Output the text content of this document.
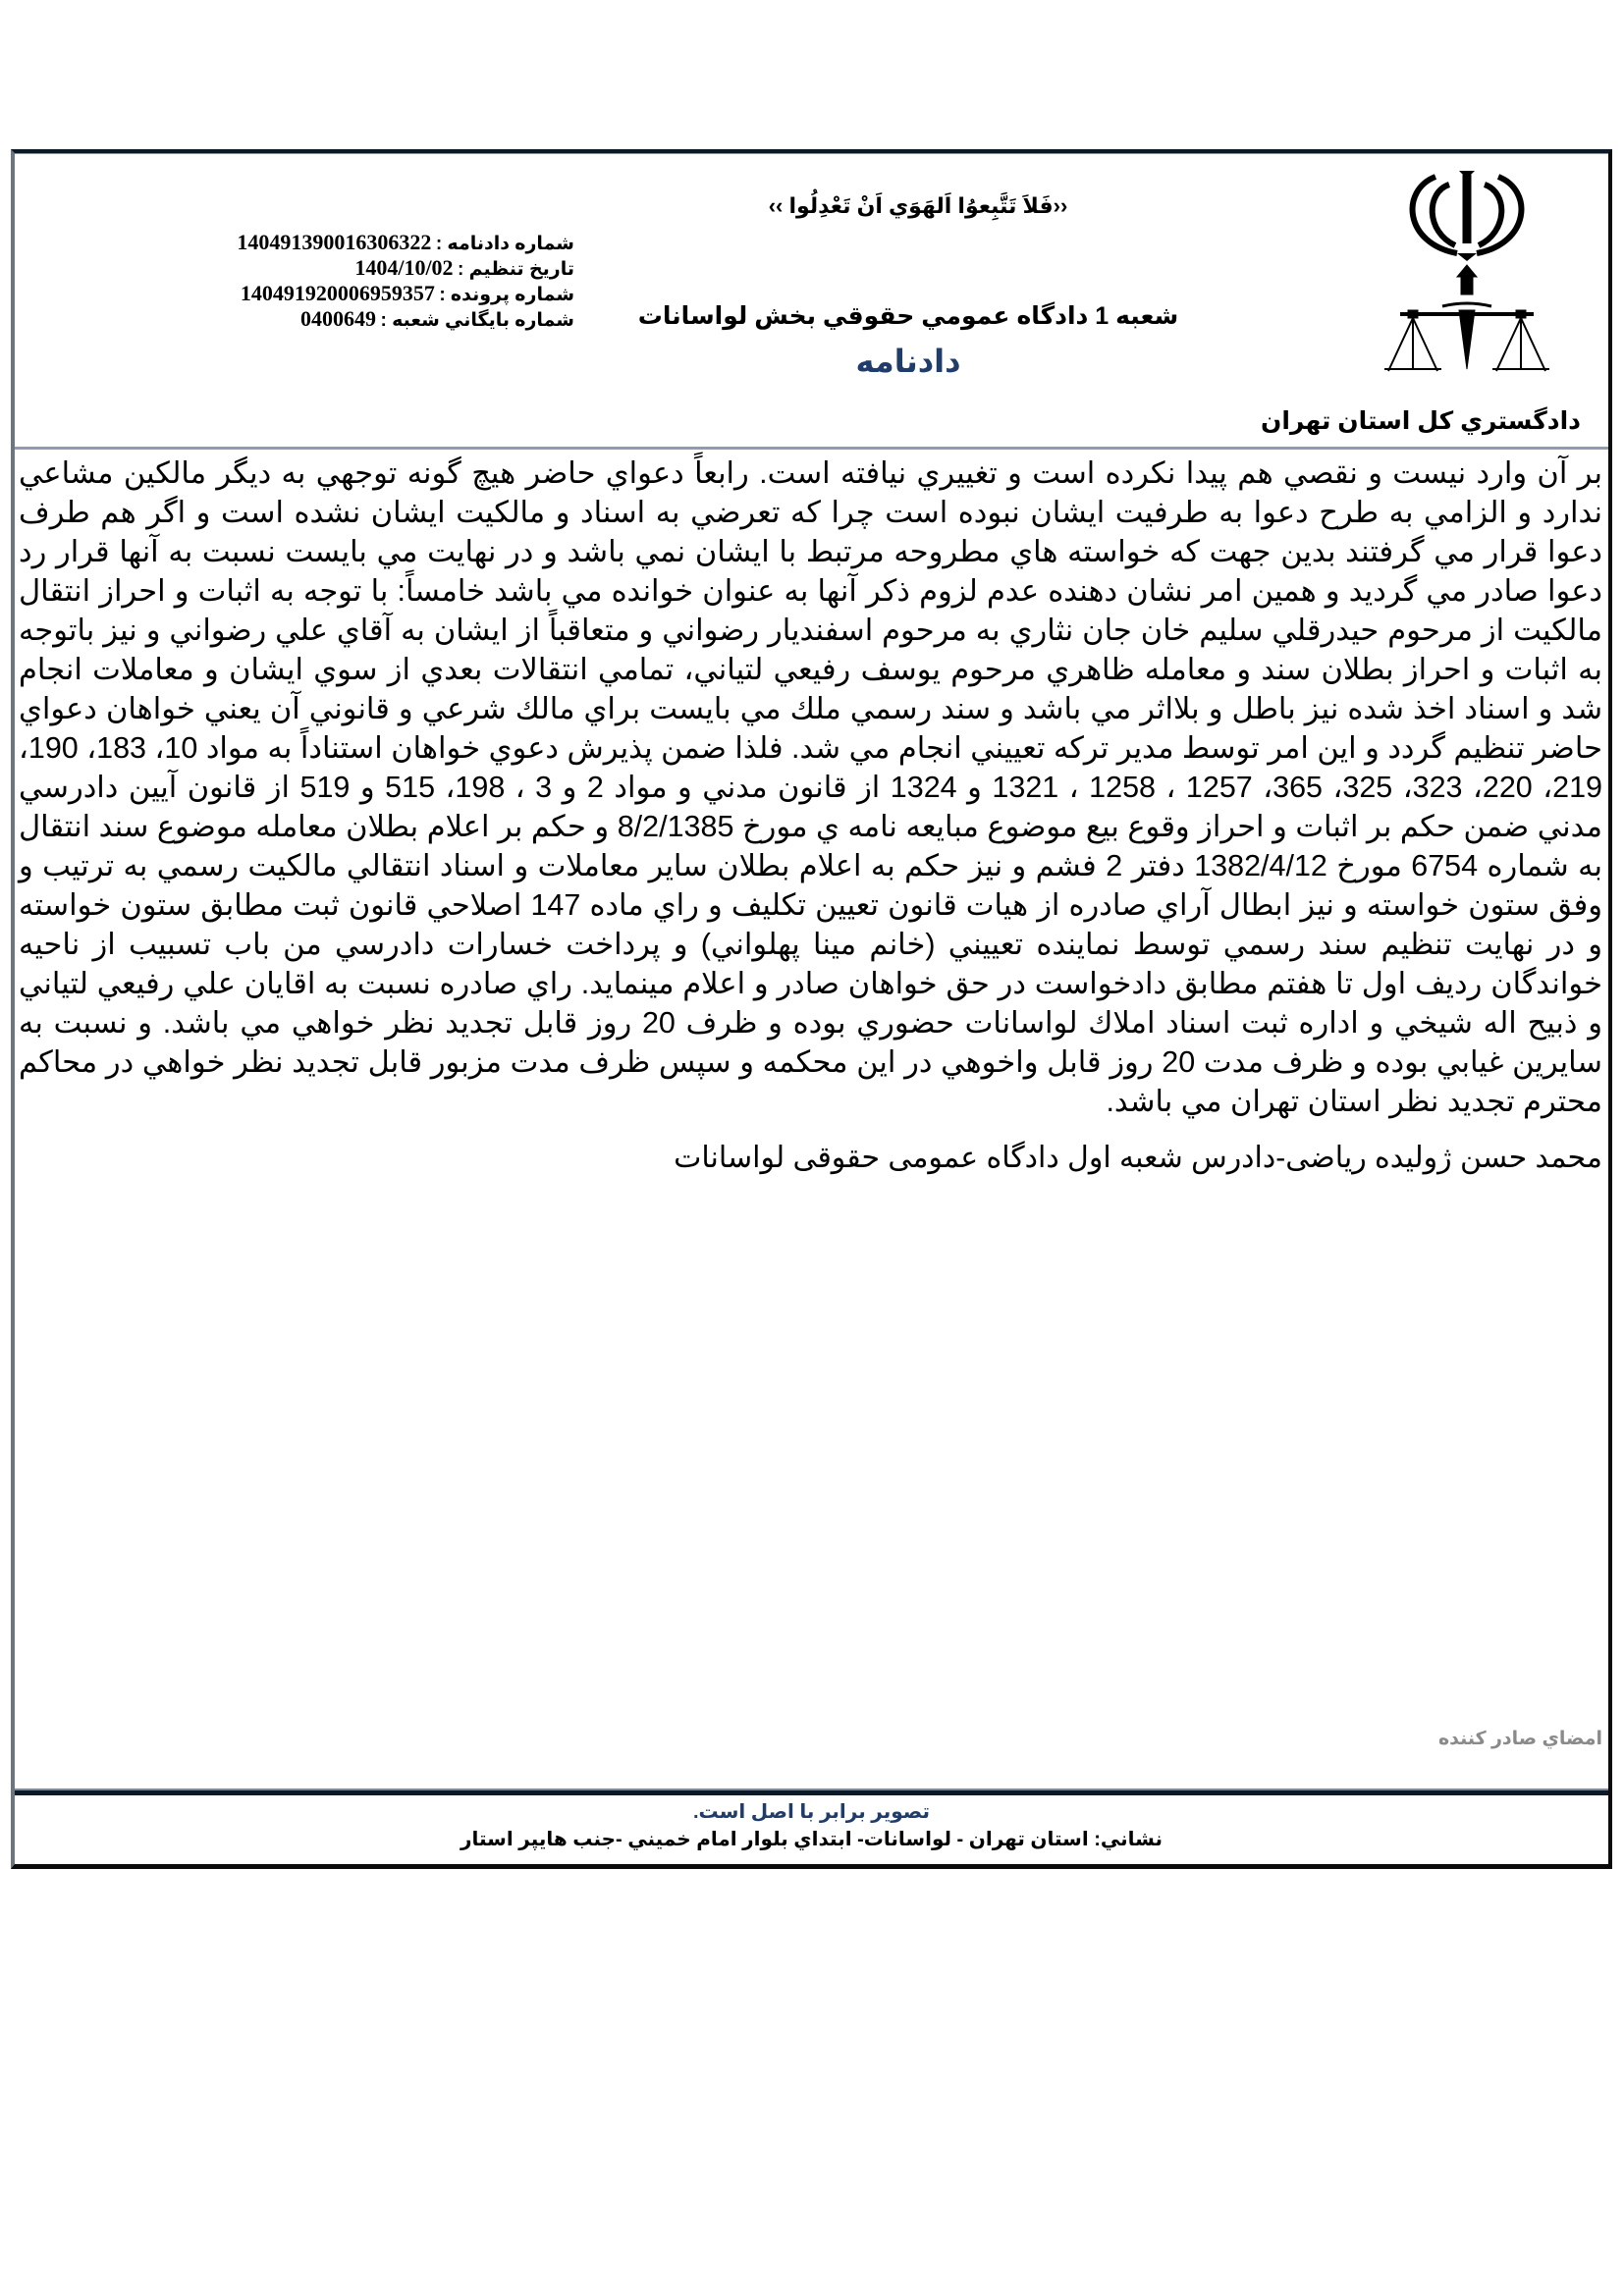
دادگستري كل استان تهران
‹‹فَلاَ تَتَّبِعوُا اَلهَوَي اَنْ تَعْدِلُوا ››
شعبه 1 دادگاه عمومي حقوقي بخش لواسانات
دادنامه
شماره دادنامه : 140491390016306322
تاريخ تنظيم : 1404/10/02
شماره پرونده : 140491920006959357
شماره بايگاني شعبه : 0400649

بر آن وارد نيست و نقصي هم پيدا نكرده است و تغييري نيافته است. رابعاً دعواي حاضر هيچ گونه توجهي به ديگر مالكين مشاعي ندارد و الزامي به طرح دعوا به طرفيت ايشان نبوده است چرا كه تعرضي به اسناد و مالكيت ايشان نشده است و اگر هم طرف دعوا قرار مي گرفتند بدين جهت كه خواسته هاي مطروحه مرتبط با ايشان نمي باشد و در نهايت مي بايست نسبت به آنها قرار رد دعوا صادر مي گرديد و همين امر نشان دهنده عدم لزوم ذكر آنها به عنوان خوانده مي باشد خامساً: با توجه به اثبات و احراز انتقال مالكيت از مرحوم حيدرقلي سليم خان جان نثاري به مرحوم اسفنديار رضواني و متعاقباً از ايشان به آقاي علي رضواني و نيز باتوجه به اثبات و احراز بطلان سند و معامله ظاهري مرحوم يوسف رفيعي لتياني، تمامي انتقالات بعدي از سوي ايشان و معاملات انجام شد و اسناد اخذ شده نيز باطل و بلااثر مي باشد و سند رسمي ملك مي بايست براي مالك شرعي و قانوني آن يعني خواهان دعواي حاضر تنظيم گردد و اين امر توسط مدير تركه تعييني انجام مي شد. فلذا ضمن پذيرش دعوي خواهان استناداً به مواد 10، 183، 190، 219، 220، 323، 325، 365، 1257 ، 1258 ، 1321 و 1324 از قانون مدني و مواد 2 و 3 ، 198، 515 و 519 از قانون آيين دادرسي مدني ضمن حكم بر اثبات و احراز وقوع بيع موضوع مبايعه نامه ي مورخ 8/2/1385 و حكم بر اعلام بطلان معامله موضوع سند انتقال به شماره 6754 مورخ 1382/4/12 دفتر 2 فشم و نيز حكم به اعلام بطلان ساير معاملات و اسناد انتقالي مالكيت رسمي به ترتيب و وفق ستون خواسته و نيز ابطال آراي صادره از هيات قانون تعيين تكليف و راي ماده 147 اصلاحي قانون ثبت مطابق ستون خواسته و در نهايت تنظيم سند رسمي توسط نماينده تعييني (خانم مينا پهلواني) و پرداخت خسارات دادرسي من باب تسبيب از ناحيه خواندگان رديف اول تا هفتم مطابق دادخواست در حق خواهان صادر و اعلام مينمايد. راي صادره نسبت به اقايان علي رفيعي لتياني و ذبيح اله شيخي و اداره ثبت اسناد املاك لواسانات حضوري بوده و ظرف 20 روز قابل تجديد نظر خواهي مي باشد. و نسبت به سايرين غيابي بوده و ظرف مدت 20 روز قابل واخوهي در اين محكمه و سپس ظرف مدت مزبور قابل تجديد نظر خواهي در محاكم محترم تجديد نظر استان تهران مي باشد.

محمد حسن ژوليده رياضی-دادرس شعبه اول دادگاه عمومی حقوقی لواسانات
امضاي صادر كننده
تصوير برابر با اصل است.
نشاني: استان تهران - لواسانات- ابتداي بلوار امام خميني -جنب هايپر استار
